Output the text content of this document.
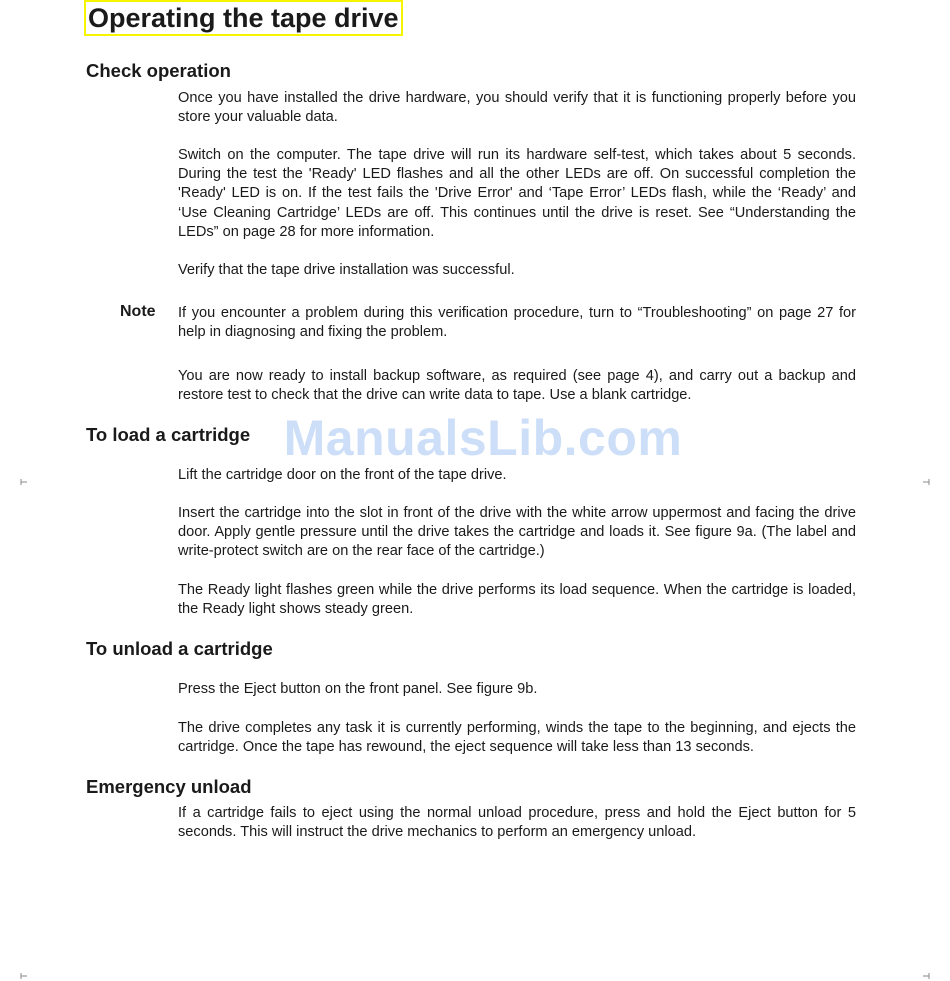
Operating the tape drive
Check operation

Once you have installed the drive hardware, you should verify that it is functioning properly before you store your valuable data.

Switch on the computer. The tape drive will run its hardware self-test, which takes about 5 seconds. During the test the 'Ready' LED flashes and all the other LEDs are off. On successful completion the 'Ready' LED is on. If the test fails the 'Drive Error' and ‘Tape Error’ LEDs flash, while the ‘Ready’ and ‘Use Cleaning Cartridge’ LEDs are off. This continues until the drive is reset. See “Understanding the LEDs” on page 28 for more information.

Verify that the tape drive installation was successful.

Note If you encounter a problem during this verification procedure, turn to “Troubleshooting” on page 27 for help in diagnosing and fixing the problem.

You are now ready to install backup software, as required (see page 4), and carry out a backup and restore test to check that the drive can write data to tape. Use a blank cartridge.

ManualsLib.com
To load a cartridge

Lift the cartridge door on the front of the tape drive.

Insert the cartridge into the slot in front of the drive with the white arrow uppermost and facing the drive door. Apply gentle pressure until the drive takes the cartridge and loads it. See figure 9a. (The label and write-protect switch are on the rear face of the cartridge.)

The Ready light flashes green while the drive performs its load sequence. When the cartridge is loaded, the Ready light shows steady green.

To unload a cartridge

Press the Eject button on the front panel. See figure 9b.

The drive completes any task it is currently performing, winds the tape to the beginning, and ejects the cartridge. Once the tape has rewound, the eject sequence will take less than 13 seconds.

Emergency unload

If a cartridge fails to eject using the normal unload procedure, press and hold the Eject button for 5 seconds. This will instruct the drive mechanics to perform an emergency unload.
